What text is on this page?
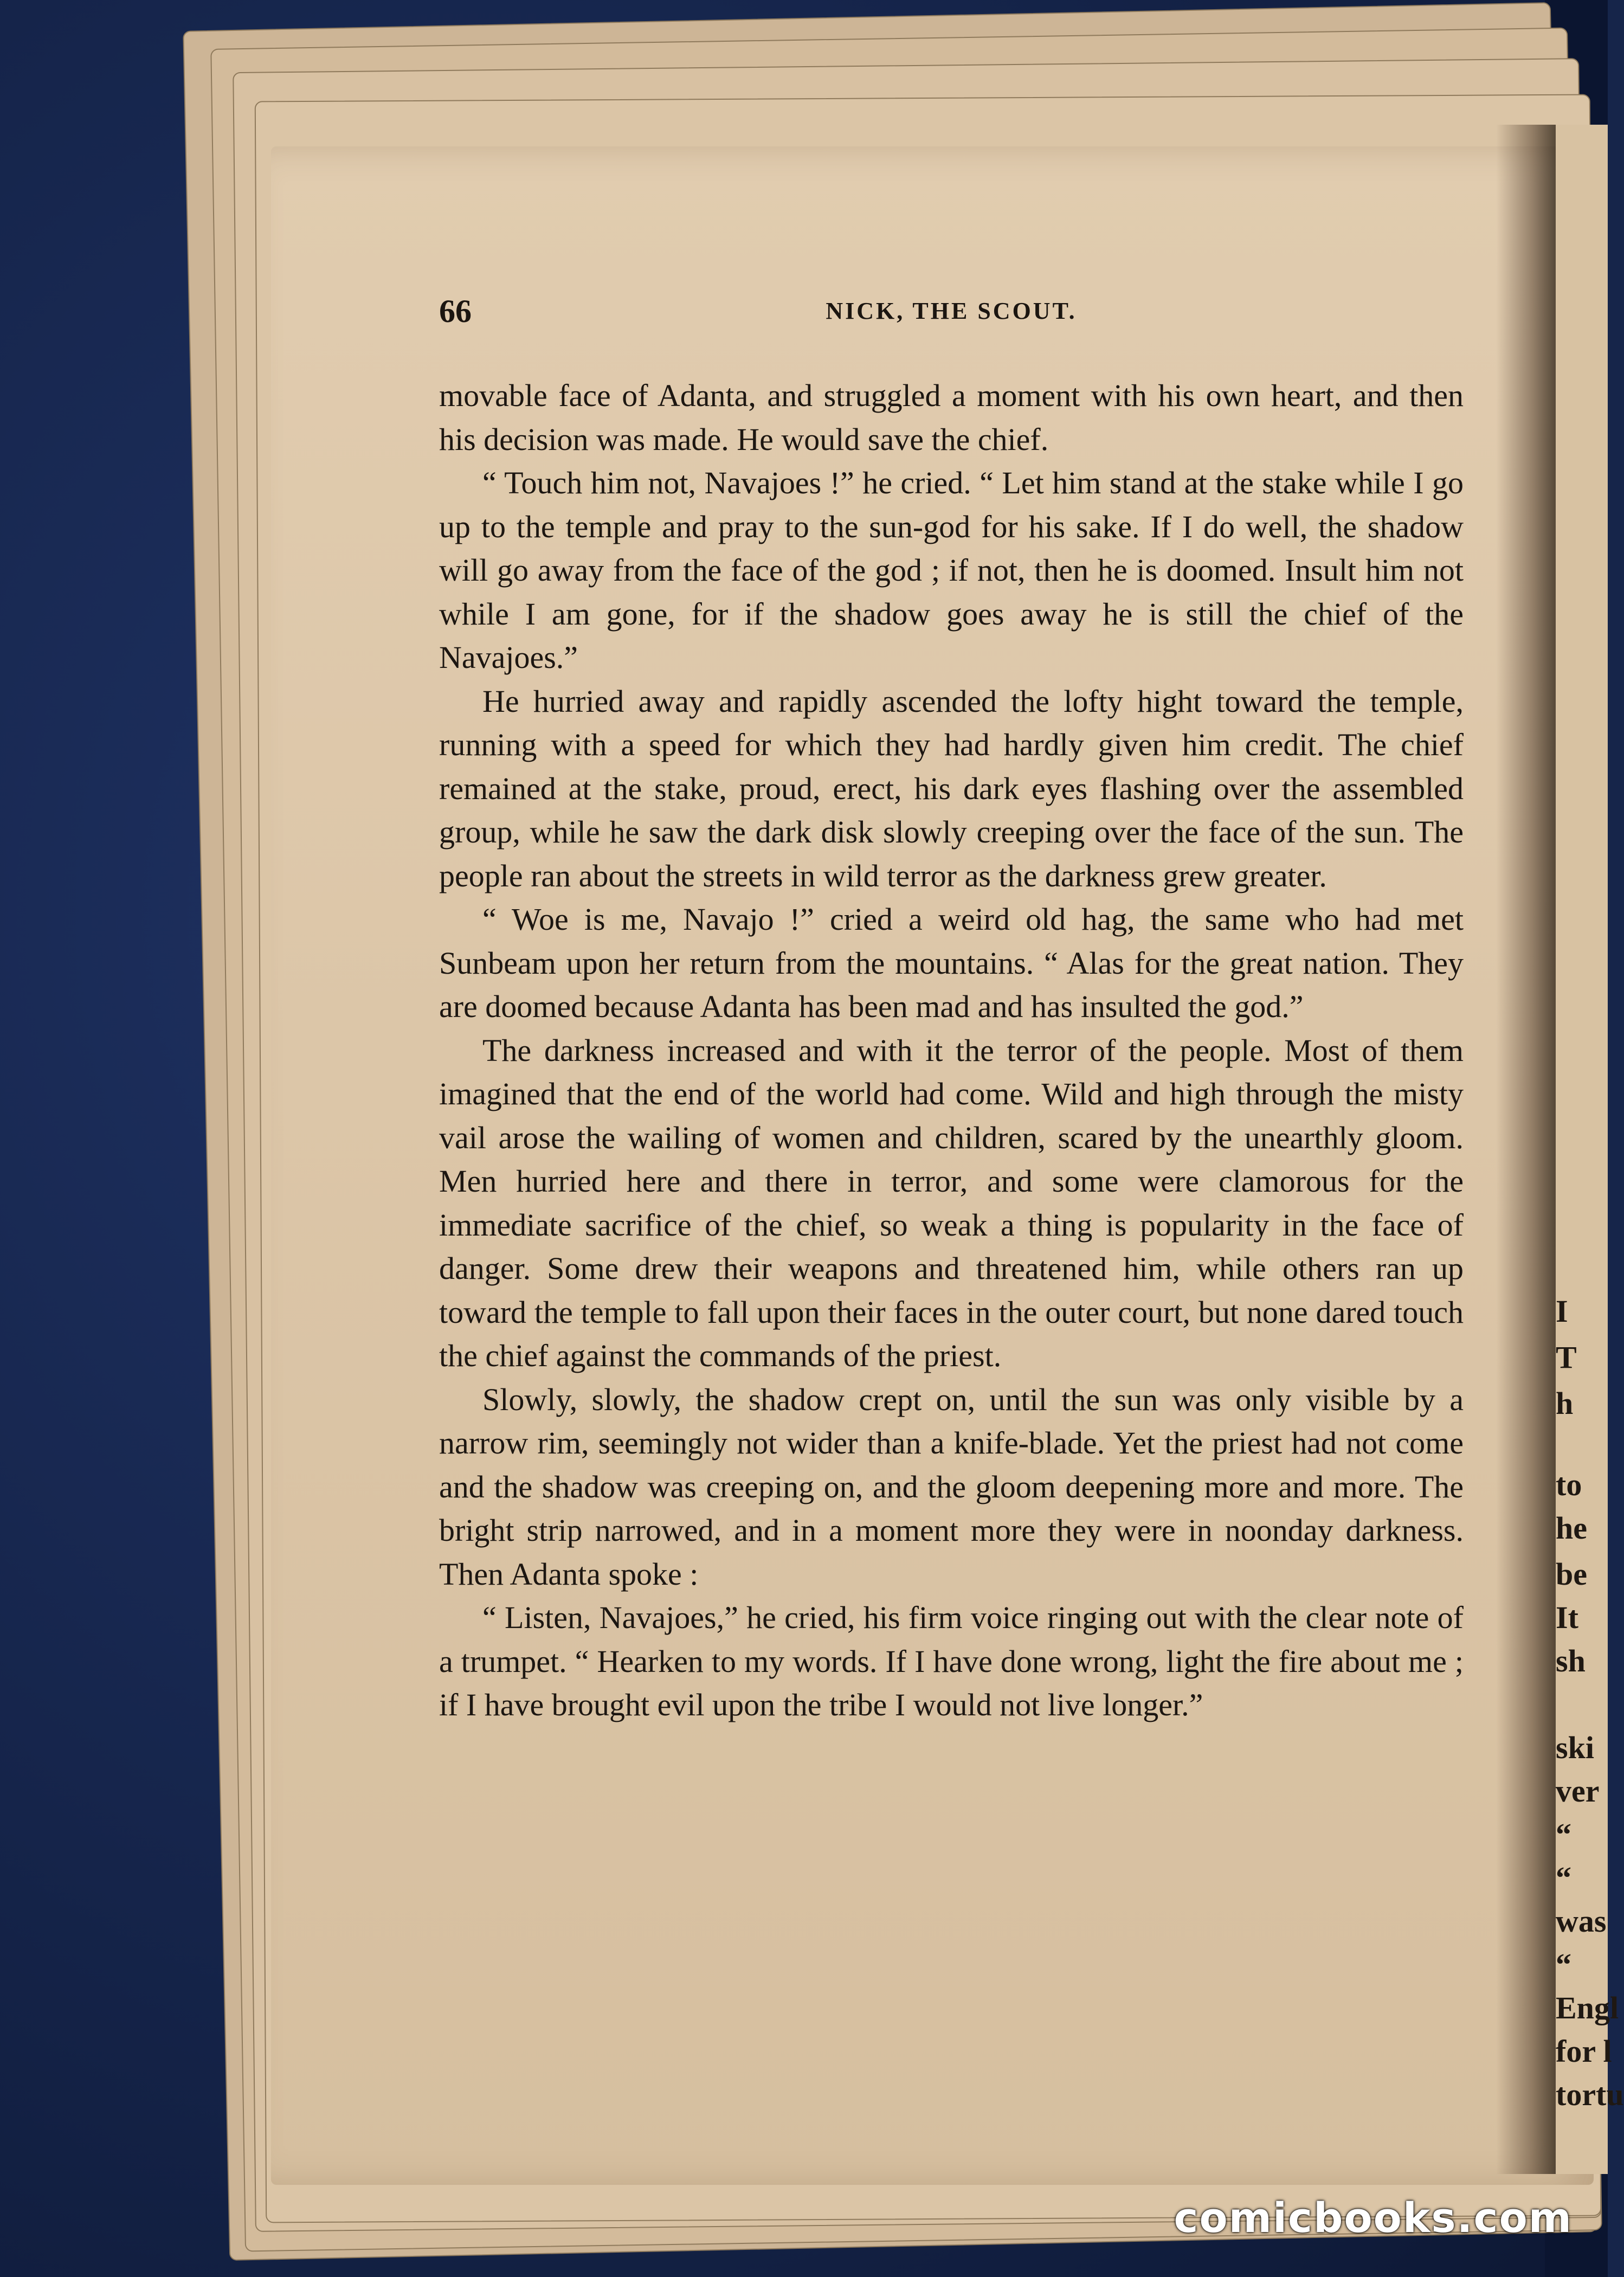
I
T
h
to
he
be
It
sh
ski
ver
“
“
was
“
Engl
for l
tortu
66	NICK, THE SCOUT.

movable face of Adanta, and struggled a moment with his own heart, and then his decision was made. He would save the chief.

“ Touch him not, Navajoes !” he cried. “ Let him stand at the stake while I go up to the temple and pray to the sun-god for his sake. If I do well, the shadow will go away from the face of the god ; if not, then he is doomed. Insult him not while I am gone, for if the shadow goes away he is still the chief of the Navajoes.”

He hurried away and rapidly ascended the lofty hight toward the temple, running with a speed for which they had hardly given him credit. The chief remained at the stake, proud, erect, his dark eyes flashing over the assembled group, while he saw the dark disk slowly creeping over the face of the sun. The people ran about the streets in wild terror as the darkness grew greater.

“ Woe is me, Navajo !” cried a weird old hag, the same who had met Sunbeam upon her return from the mountains. “ Alas for the great nation. They are doomed because Adanta has been mad and has insulted the god.”

The darkness increased and with it the terror of the people. Most of them imagined that the end of the world had come. Wild and high through the misty vail arose the wailing of women and children, scared by the unearthly gloom. Men hurried here and there in terror, and some were clamorous for the immediate sacrifice of the chief, so weak a thing is popularity in the face of danger. Some drew their weapons and threatened him, while others ran up toward the temple to fall upon their faces in the outer court, but none dared touch the chief against the commands of the priest.

Slowly, slowly, the shadow crept on, until the sun was only visible by a narrow rim, seemingly not wider than a knife-blade. Yet the priest had not come and the shadow was creeping on, and the gloom deepening more and more. The bright strip narrowed, and in a moment more they were in noonday darkness. Then Adanta spoke :

“ Listen, Navajoes,” he cried, his firm voice ringing out with the clear note of a trumpet. “ Hearken to my words. If I have done wrong, light the fire about me ; if I have brought evil upon the tribe I would not live longer.”

comicbooks.com
